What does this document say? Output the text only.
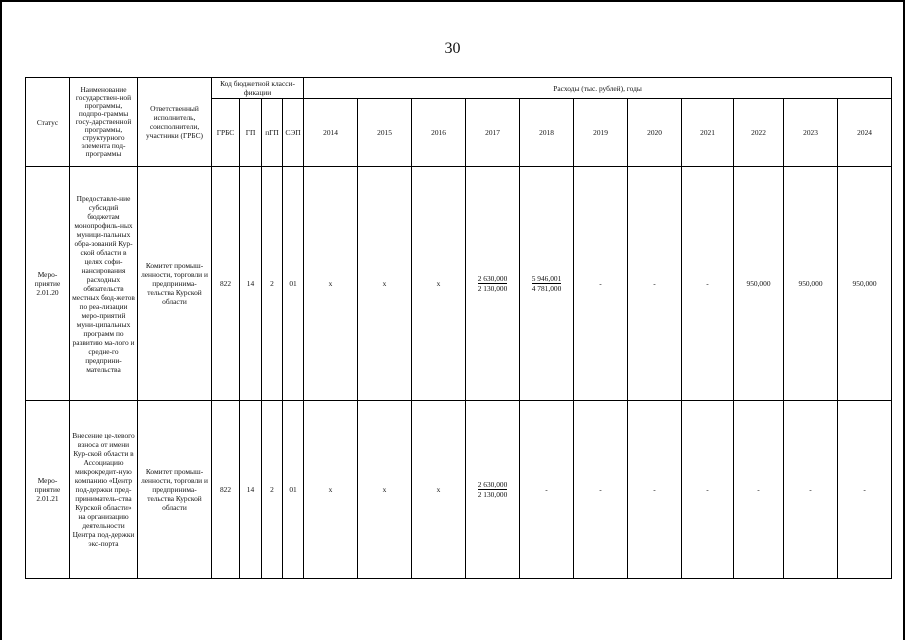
30
Статус	Наименование государствен-ной программы, подпро-граммы госу-дарственной программы, структурного элемента под-программы	Ответственный исполнитель, соисполнители, участники (ГРБС)	Код бюджетной класси-фикации				Расходы (тыс. рублей), годы										
			ГРБС	ГП	пГП	СЭП	2014	2015	2016	2017	2018	2019	2020	2021	2022	2023	2024
Меро-приятие 2.01.20	Предоставле-ние субсидий бюджетам монопрофиль-ных муници-пальных обра-зований Кур-ской области в целях софи-нансирования расходных обязательств местных бюд-жетов по реа-лизации меро-приятий муни-ципальных программ по развитию ма-лого и средне-го предприни-мательства	Комитет промыш-ленности, торговли и предпринима-тельства Курской области	822	14	2	01	х	х	х	$\frac{2 630,000}{2 130,000}$	$\frac{5 946,001}{4 781,000}$	-	-	-	950,000	950,000	950,000
Меро-приятие 2.01.21	Внесение це-левого взноса от имени Кур-ской области в Ассоциацию микрокредит-ную компанию «Центр под-держки пред-приниматель-ства Курской области» на организацию деятельности Центра под-держки экс-порта	Комитет промыш-ленности, торговли и предпринима-тельства Курской области	822	14	2	01	х	х	х	$\frac{2 630,000}{2 130,000}$	-	-	-	-	-	-	-
